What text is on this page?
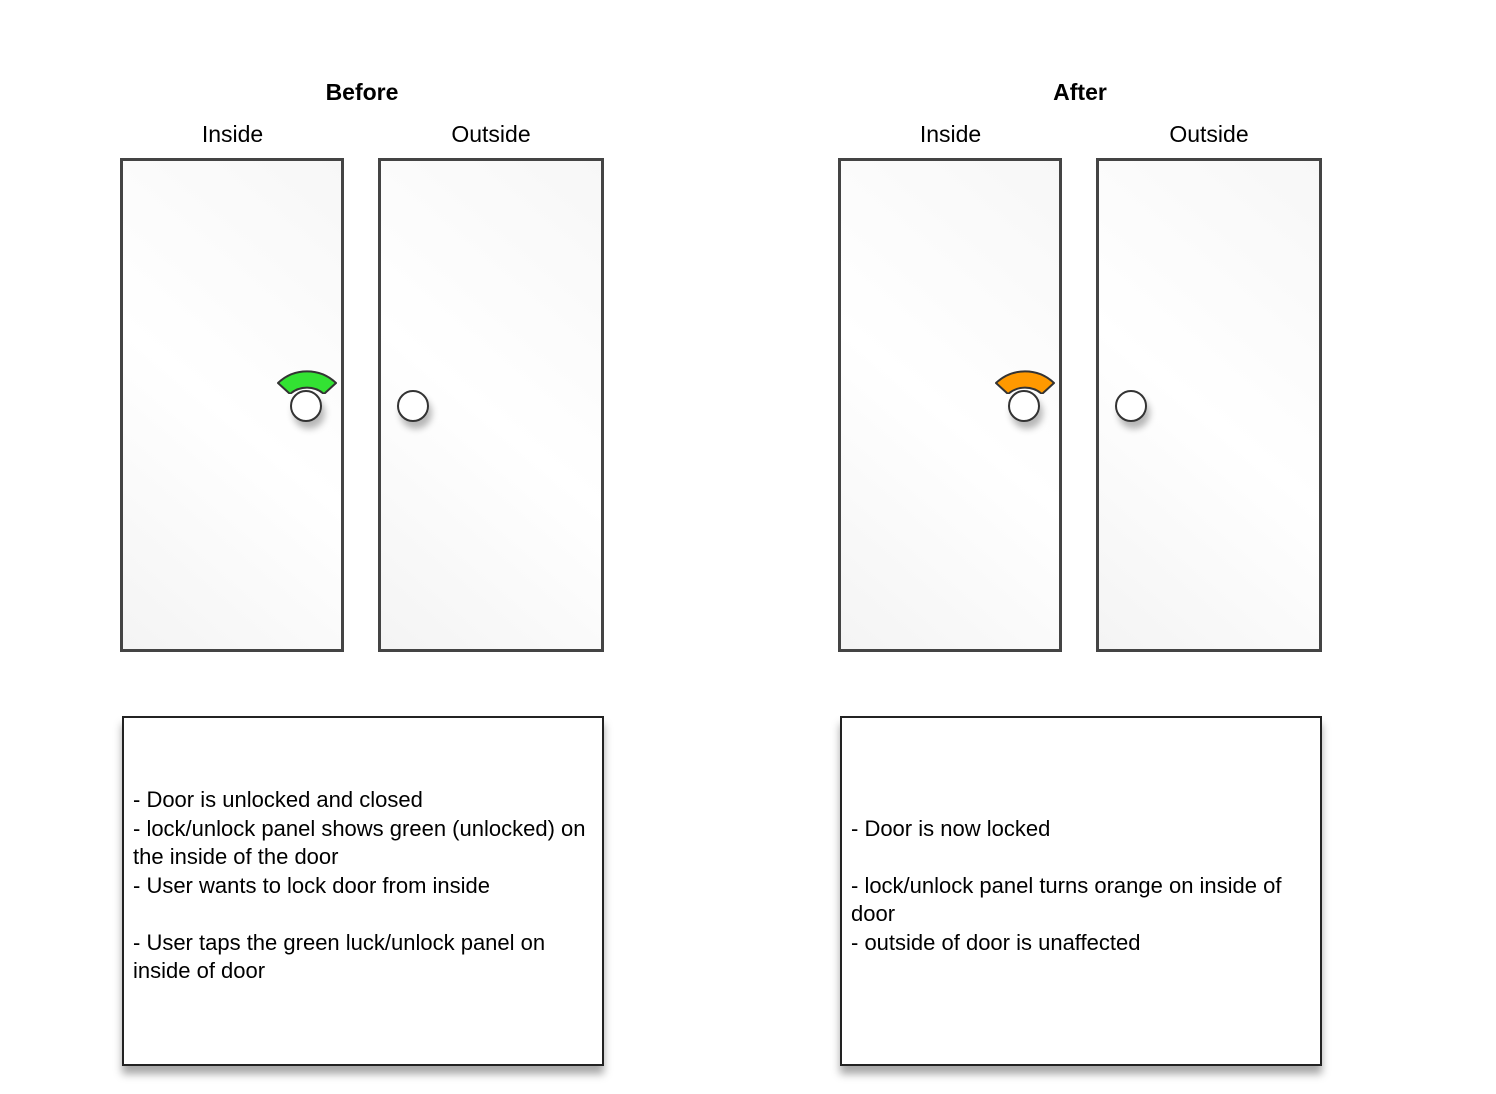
Before
Inside	Outside
- Door is unlocked and closed
- lock/unlock panel shows green (unlocked) on the inside of the door
- User wants to lock door from inside
- User taps the green luck/unlock panel on inside of door
After
Inside	Outside
- Door is now locked
- lock/unlock panel turns orange on inside of door
- outside of door is unaffected
